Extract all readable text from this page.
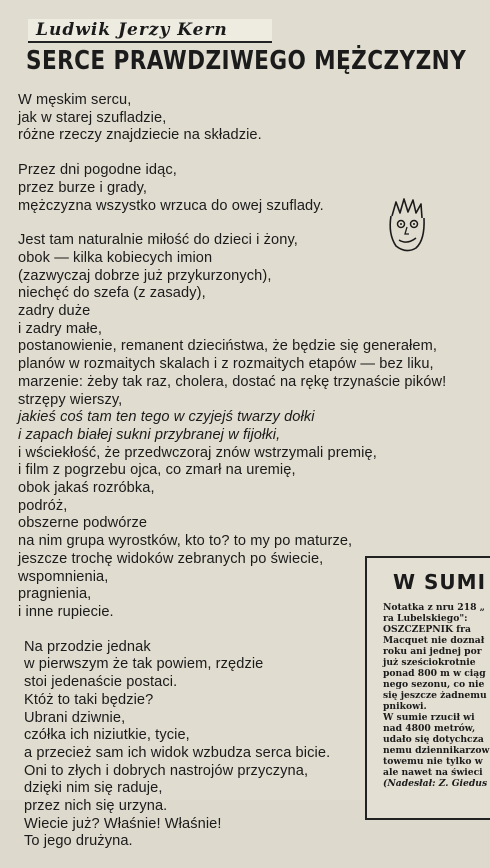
Ludwik Jerzy Kern
SERCE PRAWDZIWEGO MĘŻCZYZNY
W męskim sercu,
jak w starej szufladzie,
różne rzeczy znajdziecie na składzie.
Przez dni pogodne idąc,
przez burze i grady,
mężczyzna wszystko wrzuca do owej szuflady.
Jest tam naturalnie miłość do dzieci i żony,
obok — kilka kobiecych imion
(zazwyczaj dobrze już przykurzonych),
niechęć do szefa (z zasady),
zadry duże
i zadry małe,
postanowienie, remanent dzieciństwa, że będzie się generałem,
planów w rozmaitych skalach i z rozmaitych etapów — bez liku,
marzenie: żeby tak raz, cholera, dostać na rękę trzynaście pików!
strzępy wierszy,
jakieś coś tam ten tego w czyjejś twarzy dołki
i zapach białej sukni przybranej w fijołki,
i wściekłość, że przedwczoraj znów wstrzymali premię,
i film z pogrzebu ojca, co zmarł na uremię,
obok jakaś rozróbka,
podróż,
obszerne podwórze
na nim grupa wyrostków, kto to? to my po maturze,
jeszcze trochę widoków zebranych po świecie,
wspomnienia,
pragnienia,
i inne rupiecie.
Na przodzie jednak
w pierwszym że tak powiem, rzędzie
stoi jedenaście postaci.
Któż to taki będzie?
Ubrani dziwnie,
czółka ich niziutkie, tycie,
a przecież sam ich widok wzbudza serca bicie.
Oni to złych i dobrych nastrojów przyczyna,
dzięki nim się raduje,
przez nich się urzyna.
Wiecie już? Właśnie! Właśnie!
To jego drużyna.
W SUMI
Notatka z nru 218 „
ra Lubelskiego":
OSZCZEPNIK fra
Macquet nie doznał
roku ani jednej por
już sześciokrotnie
ponad 800 m w ciąg
nego sezonu, co nie
się jeszcze żadnemu
pnikowi.
W sumie rzucił wi
nad 4800 metrów,
udało się dotychcza
nemu dziennikarzow
towemu nie tylko w
ale nawet na świeci
(Nadesłał: Z. Giedus
